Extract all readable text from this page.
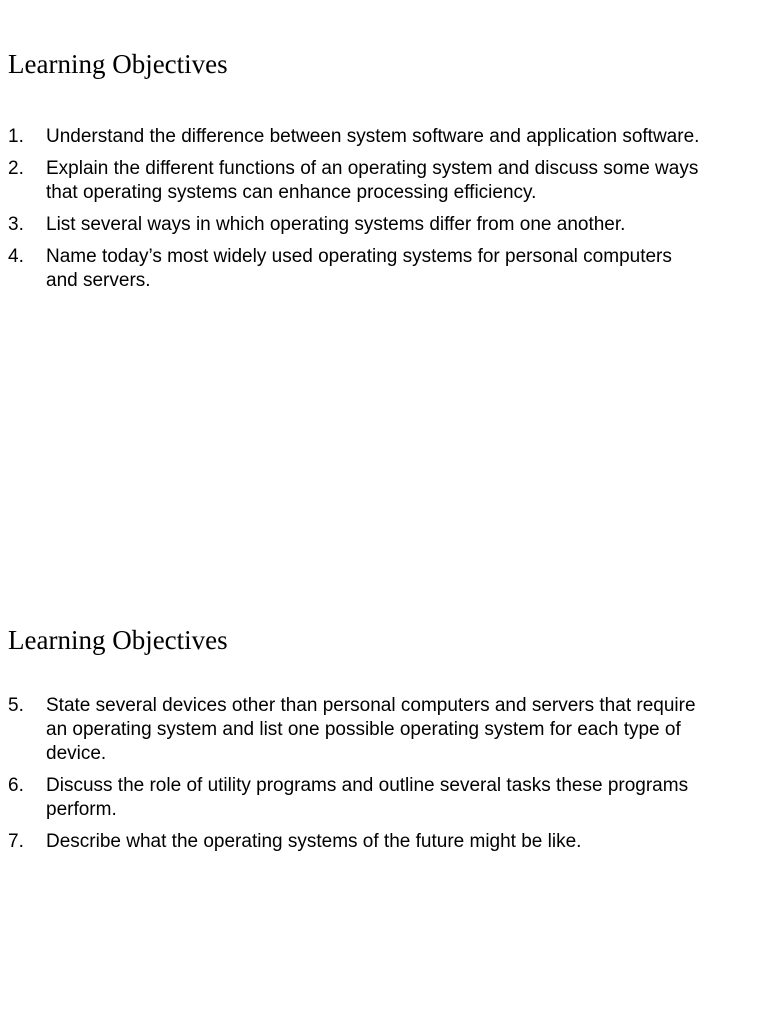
Learning Objectives
1.	Understand the difference between system software and application software.
2.	Explain the different functions of an operating system and discuss some ways that operating systems can enhance processing efficiency.
3.	List several ways in which operating systems differ from one another.
4.	Name today’s most widely used operating systems for personal computers and servers.
Learning Objectives
5.	State several devices other than personal computers and servers that require an operating system and list one possible operating system for each type of device.
6.	Discuss the role of utility programs and outline several tasks these programs perform.
7.	Describe what the operating systems of the future might be like.
